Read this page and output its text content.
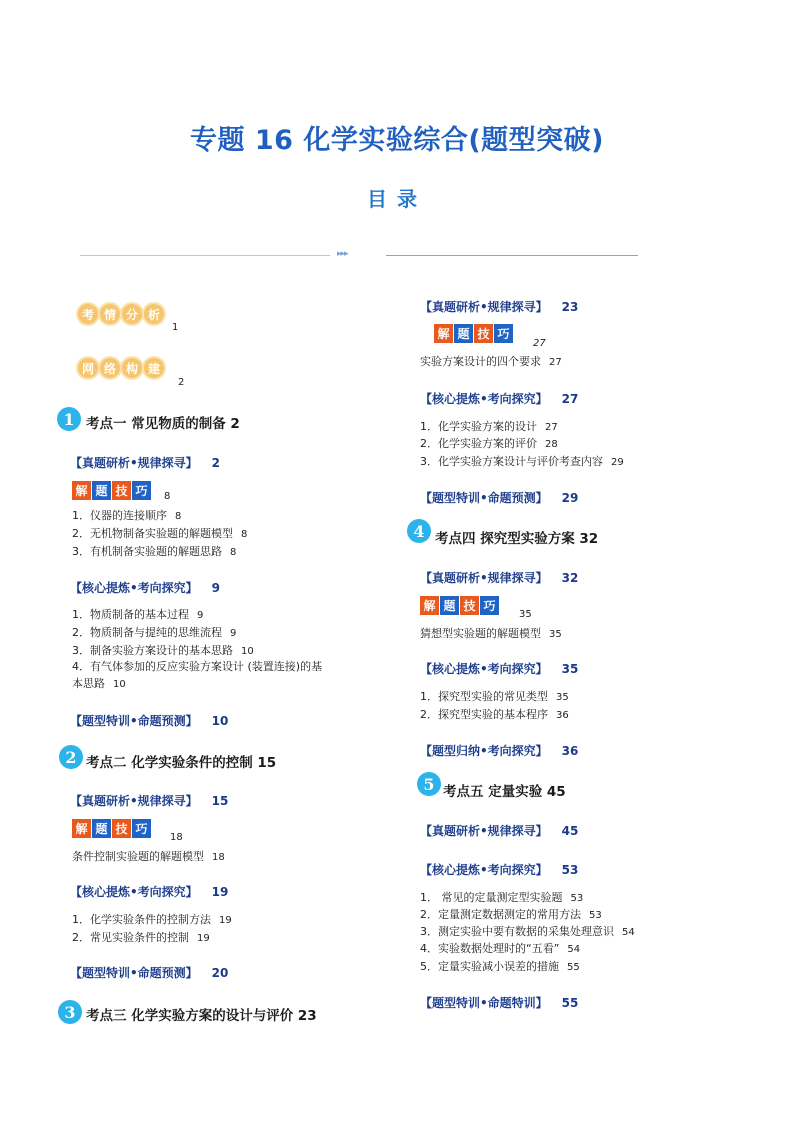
专题 16 化学实验综合(题型突破)
目录
▸▸▸
考 情 分 析
1
网 络 构 建
2
1 考点一 常见物质的制备 2
【真题研析•规律探寻】 2
解 题 技 巧	8
1．仪器的连接顺序 8
2．无机物制备实验题的解题模型 8
3．有机制备实验题的解题思路 8
【核心提炼•考向探究】 9
1．物质制备的基本过程 9
2．物质制备与提纯的思维流程 9
3．制备实验方案设计的基本思路 10
4．有气体参加的反应实验方案设计 (装置连接)的基
本思路 10
【题型特训•命题预测】 10
2 考点二 化学实验条件的控制 15
【真题研析•规律探寻】 15
解 题 技 巧
18
条件控制实验题的解题模型 18
【核心提炼•考向探究】 19
1．化学实验条件的控制方法 19
2．常见实验条件的控制 19
【题型特训•命题预测】 20
3 考点三 化学实验方案的设计与评价 23
【真题研析•规律探寻】 23
解 题 技 巧
27
实验方案设计的四个要求 27
【核心提炼•考向探究】 27
1．化学实验方案的设计 27
2．化学实验方案的评价 28
3．化学实验方案设计与评价考查内容 29
【题型特训•命题预测】 29
4 考点四 探究型实验方案 32
【真题研析•规律探寻】 32
解 题 技 巧
35
猜想型实验题的解题模型 35
【核心提炼•考向探究】 35
1．探究型实验的常见类型 35
2．探究型实验的基本程序 36
【题型归纳•考向探究】 36
5 考点五 定量实验 45
【真题研析•规律探寻】 45
【核心提炼•考向探究】 53
1． 常见的定量测定型实验题 53
2．定量测定数据测定的常用方法 53
3．测定实验中要有数据的采集处理意识 54
4．实验数据处理时的“五看” 54
5．定量实验减小误差的措施 55
【题型特训•命题特训】 55
